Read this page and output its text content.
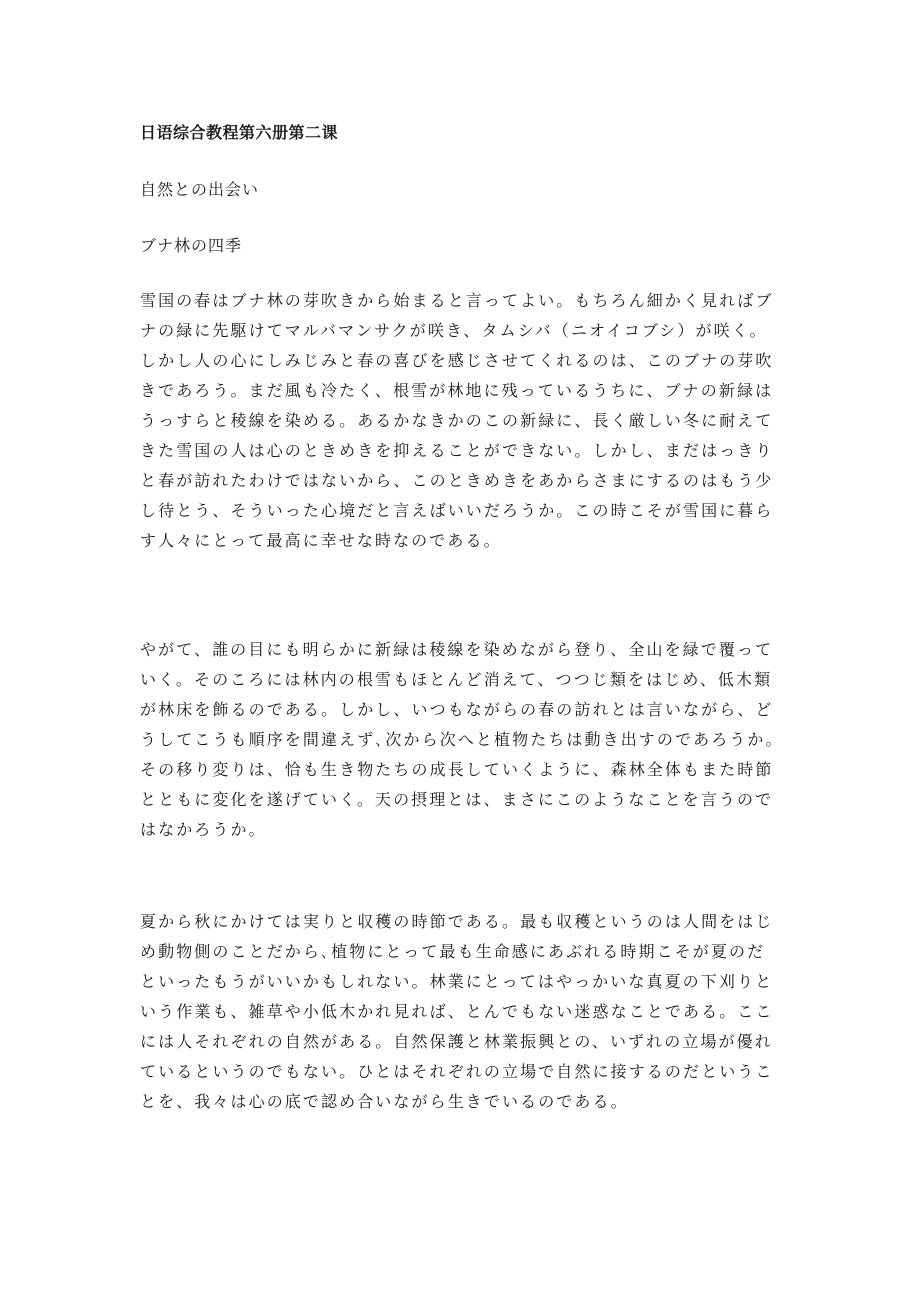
日语综合教程第六册第二课
自然との出会い
ブナ林の四季
雪国の春はブナ林の芽吹きから始まると言ってよい。もちろん細かく見ればブ
ナの緑に先駆けてマルバマンサクが咲き、タムシバ（ニオイコブシ）が咲く。
しかし人の心にしみじみと春の喜びを感じさせてくれるのは、このブナの芽吹
きであろう。まだ風も冷たく、根雪が林地に残っているうちに、ブナの新緑は
うっすらと稜線を染める。あるかなきかのこの新緑に、長く厳しい冬に耐えて
きた雪国の人は心のときめきを抑えることができない。しかし、まだはっきり
と春が訪れたわけではないから、このときめきをあからさまにするのはもう少
し待とう、そういった心境だと言えばいいだろうか。この時こそが雪国に暮ら
す人々にとって最高に幸せな時なのである。
やがて、誰の目にも明らかに新緑は稜線を染めながら登り、全山を緑で覆って
いく。そのころには林内の根雪もほとんど消えて、つつじ類をはじめ、低木類
が林床を飾るのである。しかし、いつもながらの春の訪れとは言いながら、ど
うしてこうも順序を間違えず､次から次へと植物たちは動き出すのであろうか。
その移り変りは、恰も生き物たちの成長していくように、森林全体もまた時節
とともに変化を遂げていく。天の摂理とは、まさにこのようなことを言うので
はなかろうか。
夏から秋にかけては実りと収穫の時節である。最も収穫というのは人間をはじ
め動物側のことだから､植物にとって最も生命感にあぶれる時期こそが夏のだ
といったもうがいいかもしれない。林業にとってはやっかいな真夏の下刈りと
いう作業も、雑草や小低木かれ見れば、とんでもない迷惑なことである。ここ
には人それぞれの自然がある。自然保護と林業振興との、いずれの立場が優れ
ているというのでもない。ひとはそれぞれの立場で自然に接するのだというこ
とを、我々は心の底で認め合いながら生きでいるのである。
